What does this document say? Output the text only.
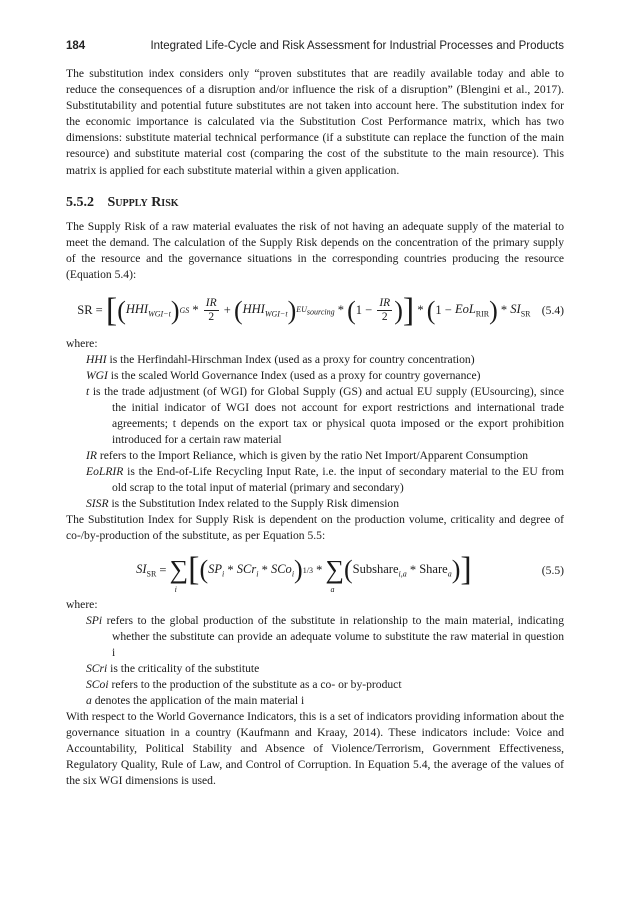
184	Integrated Life-Cycle and Risk Assessment for Industrial Processes and Products

The substitution index considers only “proven substitutes that are readily available today and able to reduce the consequences of a disruption and/or influence the risk of a disruption” (Blengini et al., 2017). Substitutability and potential future substitutes are not taken into account here. The substitution index for the economic importance is calculated via the Substitution Cost Performance matrix, which has two dimensions: substitute material technical performance (if a substitute can replace the function of the main resource) and substitute material cost (comparing the cost of the substitute to the main resource). This matrix is applied for each substitute material within a given application.

5.5.2 Supply Risk

The Supply Risk of a raw material evaluates the risk of not having an adequate supply of the material to meet the demand. The calculation of the Supply Risk depends on the concentration of the primary supply of the resource and the governance situations in the corresponding countries producing the resource (Equation 5.4):

SR = [ ( $HHI_{WGI-t}$ ) GS * $\frac{IR}{2}$ + ( $HHI_{WGI-t}$ ) $EU_{sourcing}$ * ( $1 - \frac{IR}{2}$ ) ] * ( 1 − EoL$_{RIR}$ ) * $SI_{SR}$ (5.4)
where:
HHI is the Herfindahl-Hirschman Index (used as a proxy for country concentration)
WGI is the scaled World Governance Index (used as a proxy for country governance)
t is the trade adjustment (of WGI) for Global Supply (GS) and actual EU supply (EUsourcing), since the initial indicator of WGI does not account for export restrictions and international trade agreements; t depends on the export tax or physical quota imposed or the export prohibition introduced for a certain raw material
IR refers to the Import Reliance, which is given by the ratio Net Import/Apparent Consumption
EoLRIR is the End-of-Life Recycling Input Rate, i.e. the input of secondary material to the EU from old scrap to the total input of material (primary and secondary)
SISR is the Substitution Index related to the Supply Risk dimension

The Substitution Index for Supply Risk is dependent on the production volume, criticality and degree of co-/by-production of the substitute, as per Equation 5.5:

$SI_{SR}$ = ∑
i
[ ( $SP_i * SCr_i * SCo_i$ ) 1/3 * ∑
a
( Subshare$_{i,a}$ * Share$_a$ ) ]	(5.5)
where:
SPi refers to the global production of the substitute in relationship to the main material, indicating whether the substitute can provide an adequate volume to substitute the raw material in question i
SCri is the criticality of the substitute
SCoi refers to the production of the substitute as a co- or by-product
a denotes the application of the main material i

With respect to the World Governance Indicators, this is a set of indicators providing information about the governance situation in a country (Kaufmann and Kraay, 2014). These indicators include: Voice and Accountability, Political Stability and Absence of Violence/Terrorism, Government Effectiveness, Regulatory Quality, Rule of Law, and Control of Corruption. In Equation 5.4, the average of the values of the six WGI dimensions is used.
